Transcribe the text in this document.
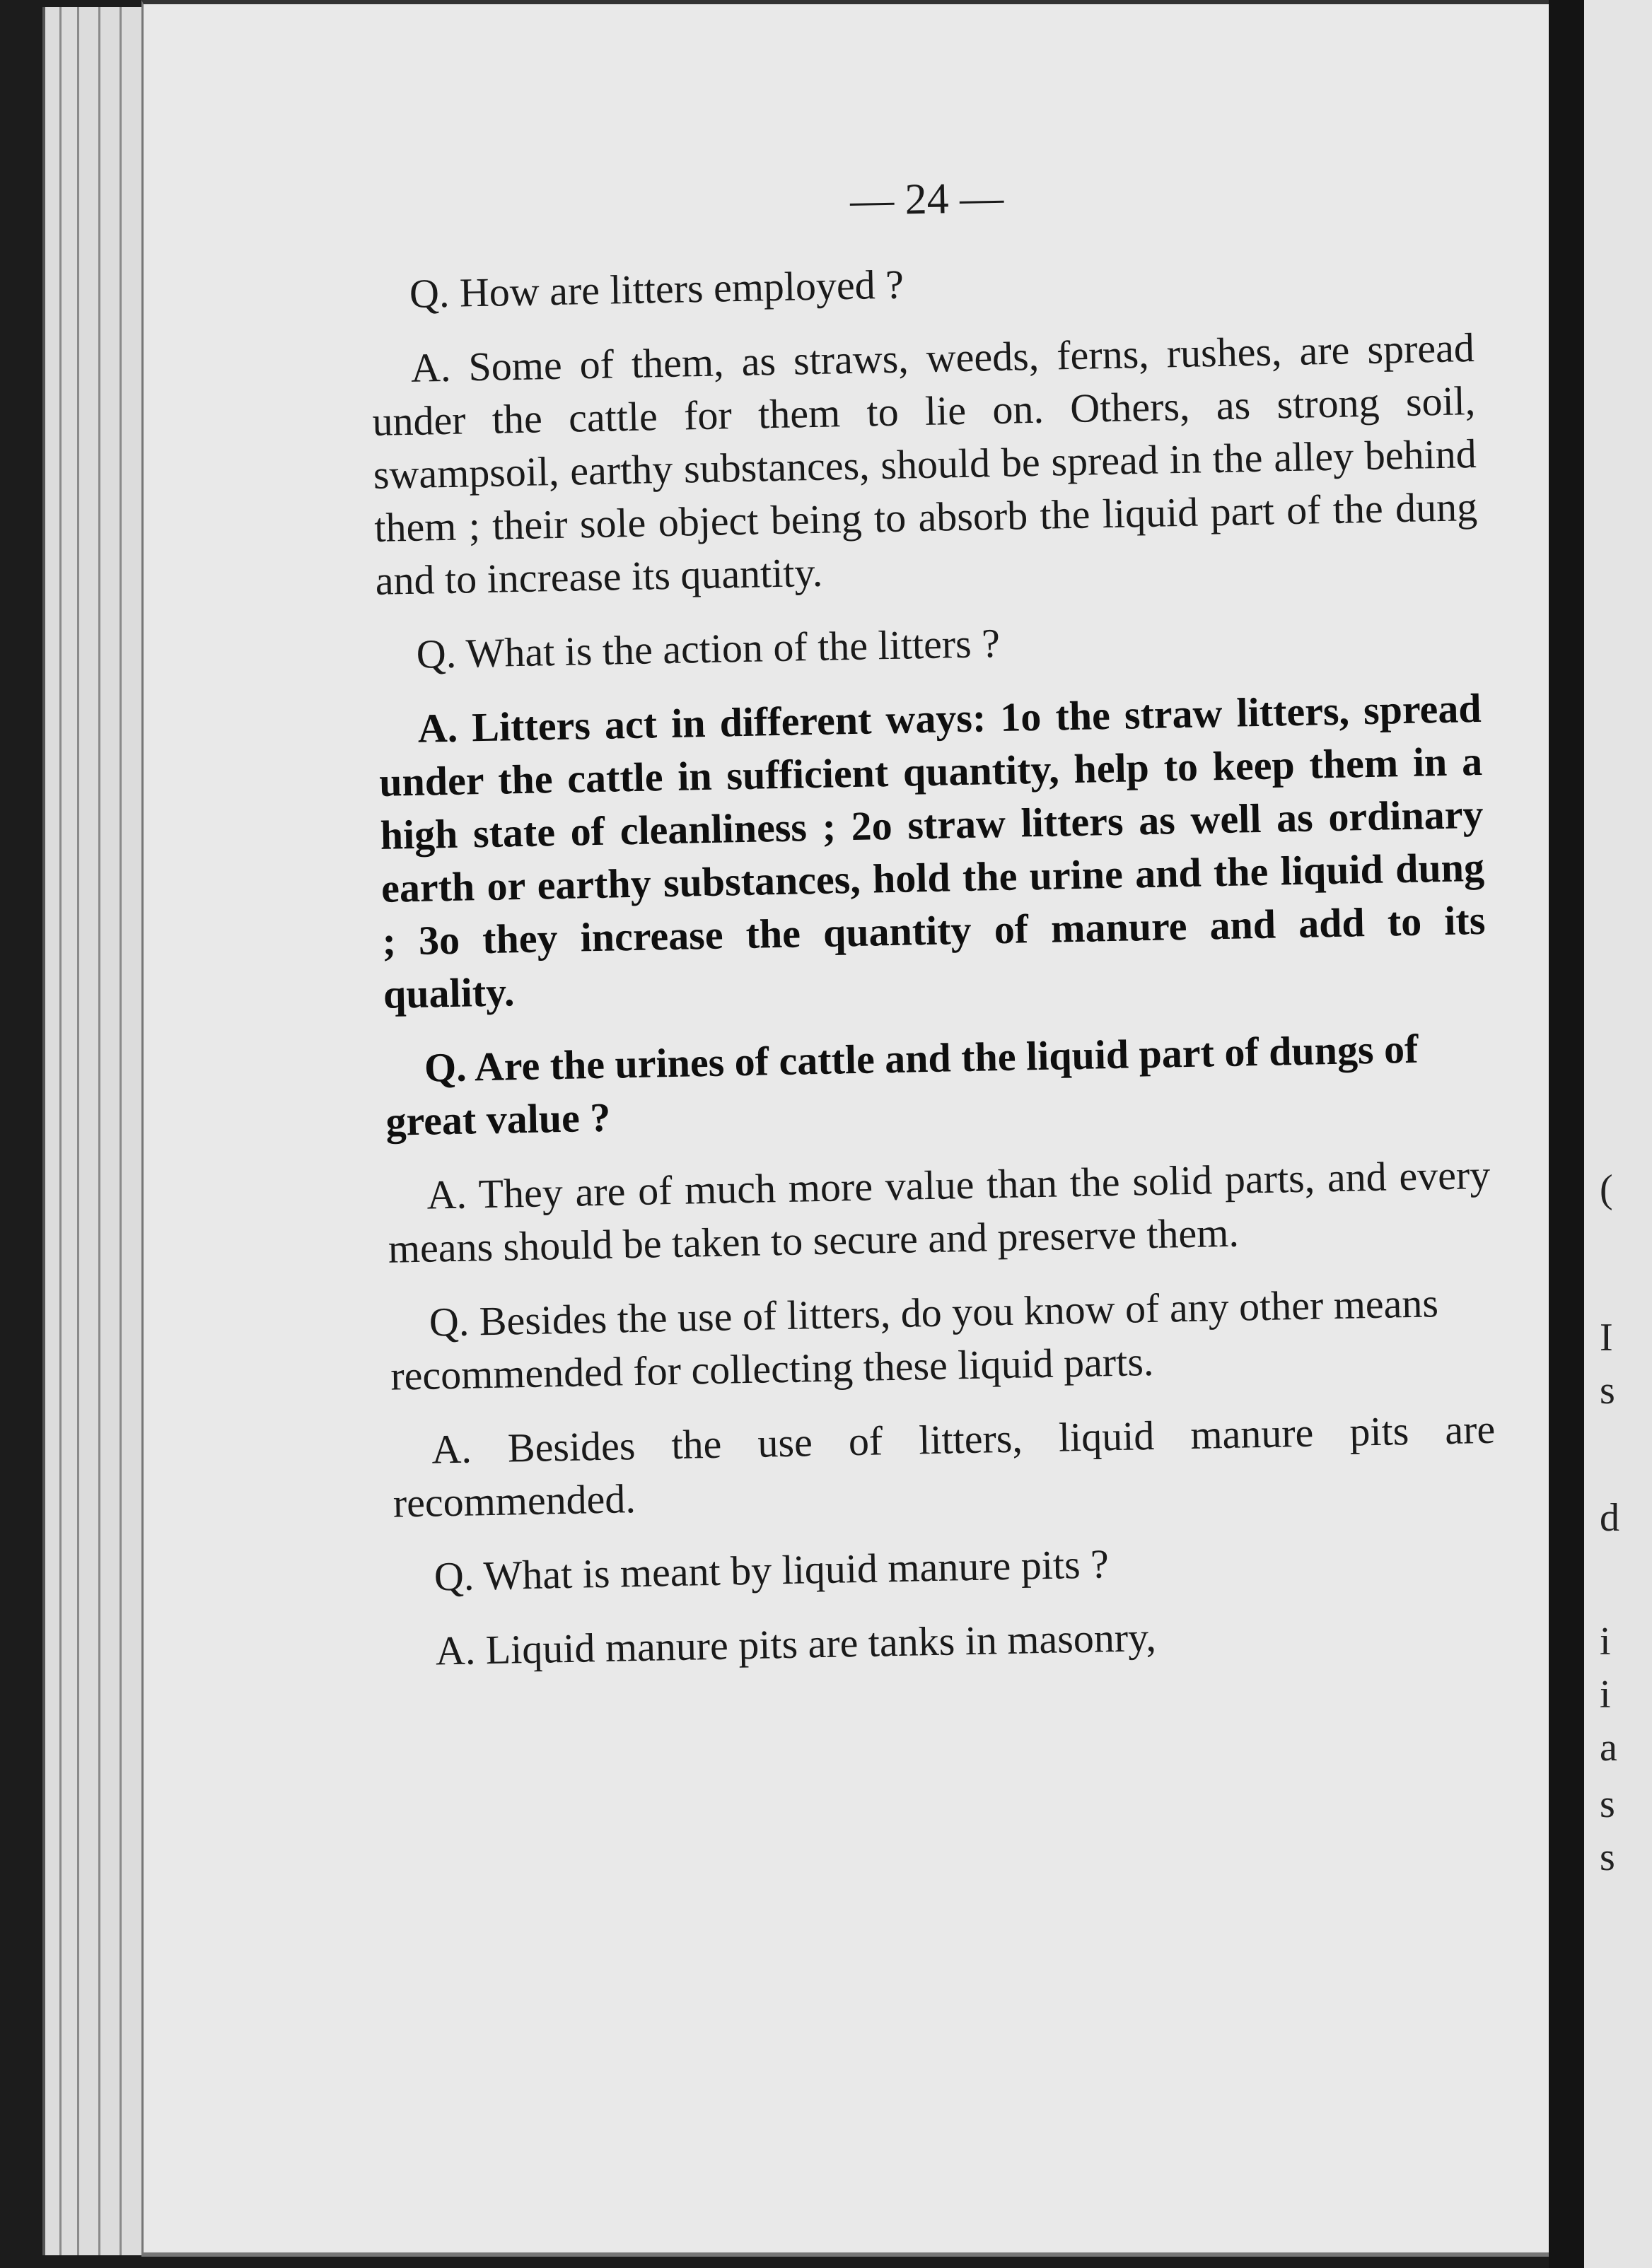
(
I
s
d
i
i
a
s
s
— 24 —

Q. How are litters employed ?

A. Some of them, as straws, weeds, ferns, rushes, are spread under the cattle for them to lie on. Others, as strong soil, swampsoil, earthy substances, should be spread in the alley behind them ; their sole object being to absorb the liquid part of the dung and to increase its quantity.

Q. What is the action of the litters ?

A. Litters act in different ways: 1o the straw litters, spread under the cattle in sufficient quantity, help to keep them in a high state of cleanliness ; 2o straw litters as well as ordinary earth or earthy substances, hold the urine and the liquid dung ; 3o they increase the quantity of manure and add to its quality.

Q. Are the urines of cattle and the liquid part of dungs of great value ?

A. They are of much more value than the solid parts, and every means should be taken to secure and preserve them.

Q. Besides the use of litters, do you know of any other means recommended for collecting these liquid parts.

A. Besides the use of litters, liquid manure pits are recommended.

Q. What is meant by liquid manure pits ?

A. Liquid manure pits are tanks in masonry,
